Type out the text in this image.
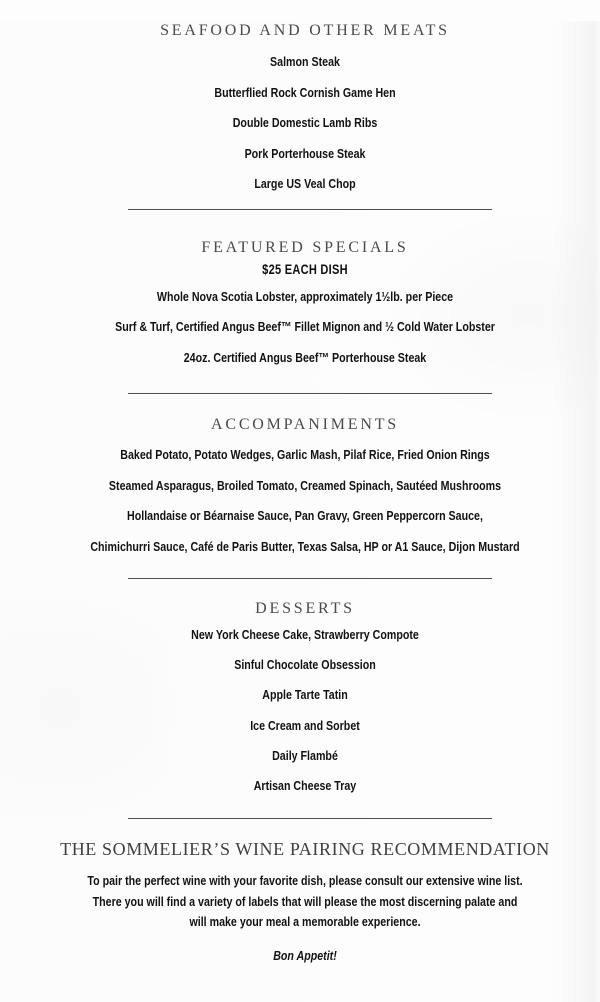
SEAFOOD AND OTHER MEATS
Salmon Steak
Butterflied Rock Cornish Game Hen
Double Domestic Lamb Ribs
Pork Porterhouse Steak
Large US Veal Chop
FEATURED SPECIALS
$25 EACH DISH
Whole Nova Scotia Lobster, approximately 1½lb. per Piece
Surf & Turf, Certified Angus Beef™ Fillet Mignon and ½ Cold Water Lobster
24oz. Certified Angus Beef™ Porterhouse Steak
ACCOMPANIMENTS
Baked Potato, Potato Wedges, Garlic Mash, Pilaf Rice, Fried Onion Rings
Steamed Asparagus, Broiled Tomato, Creamed Spinach, Sautéed Mushrooms
Hollandaise or Béarnaise Sauce, Pan Gravy, Green Peppercorn Sauce,
Chimichurri Sauce, Café de Paris Butter, Texas Salsa, HP or A1 Sauce, Dijon Mustard
DESSERTS
New York Cheese Cake, Strawberry Compote
Sinful Chocolate Obsession
Apple Tarte Tatin
Ice Cream and Sorbet
Daily Flambé
Artisan Cheese Tray
THE SOMMELIER’S WINE PAIRING RECOMMENDATION
To pair the perfect wine with your favorite dish, please consult our extensive wine list.
There you will find a variety of labels that will please the most discerning palate and
will make your meal a memorable experience.
Bon Appetit!
